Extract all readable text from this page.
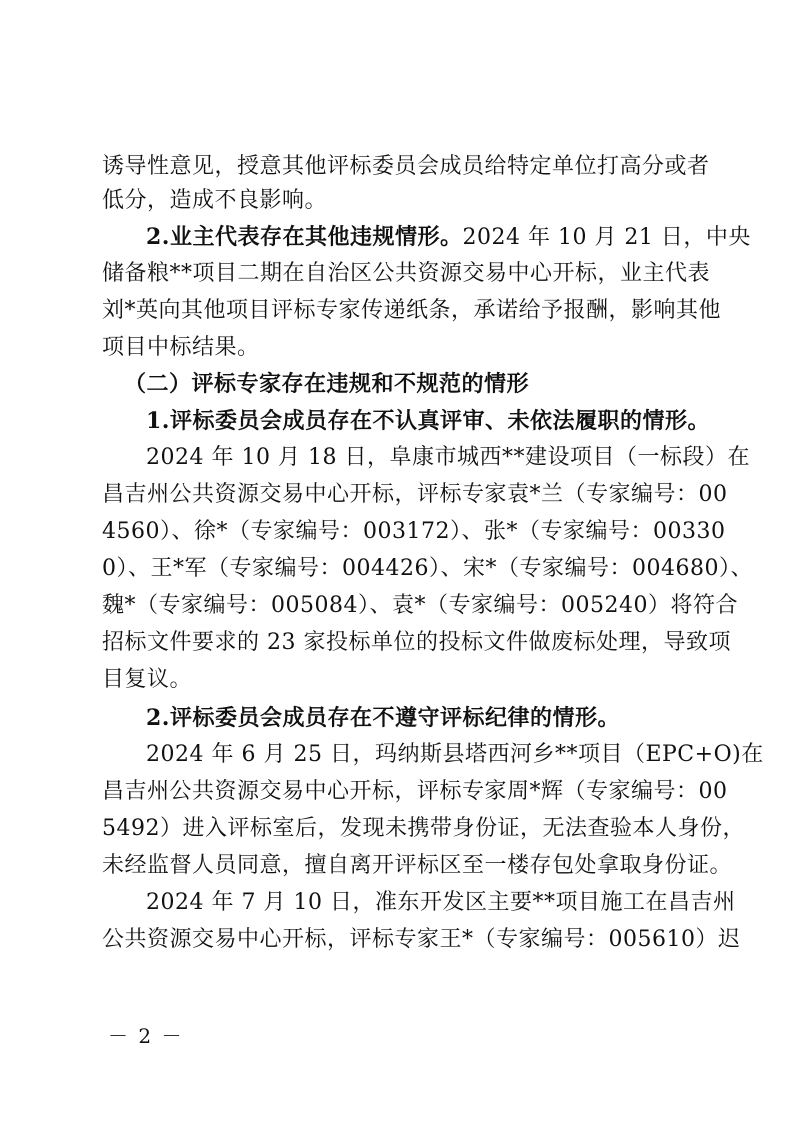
诱导性意见，授意其他评标委员会成员给特定单位打高分或者
低分，造成不良影响。
2.业主代表存在其他违规情形。2024 年 10 月 21 日，中央
储备粮**项目二期在自治区公共资源交易中心开标，业主代表
刘*英向其他项目评标专家传递纸条，承诺给予报酬，影响其他
项目中标结果。
（二）评标专家存在违规和不规范的情形
1.评标委员会成员存在不认真评审、未依法履职的情形。
2024 年 10 月 18 日，阜康市城西**建设项目（一标段）在
昌吉州公共资源交易中心开标，评标专家袁*兰（专家编号：00
4560）、徐*（专家编号：003172）、张*（专家编号：00330
0）、王*军（专家编号：004426）、宋*（专家编号：004680）、
魏*（专家编号：005084）、袁*（专家编号：005240）将符合
招标文件要求的 23 家投标单位的投标文件做废标处理，导致项
目复议。
2.评标委员会成员存在不遵守评标纪律的情形。
2024 年 6 月 25 日，玛纳斯县塔西河乡**项目（EPC+O)在
昌吉州公共资源交易中心开标，评标专家周*辉（专家编号：00
5492）进入评标室后，发现未携带身份证，无法查验本人身份，
未经监督人员同意，擅自离开评标区至一楼存包处拿取身份证。
2024 年 7 月 10 日，准东开发区主要**项目施工在昌吉州
公共资源交易中心开标，评标专家王*（专家编号：005610）迟
－ 2 －
